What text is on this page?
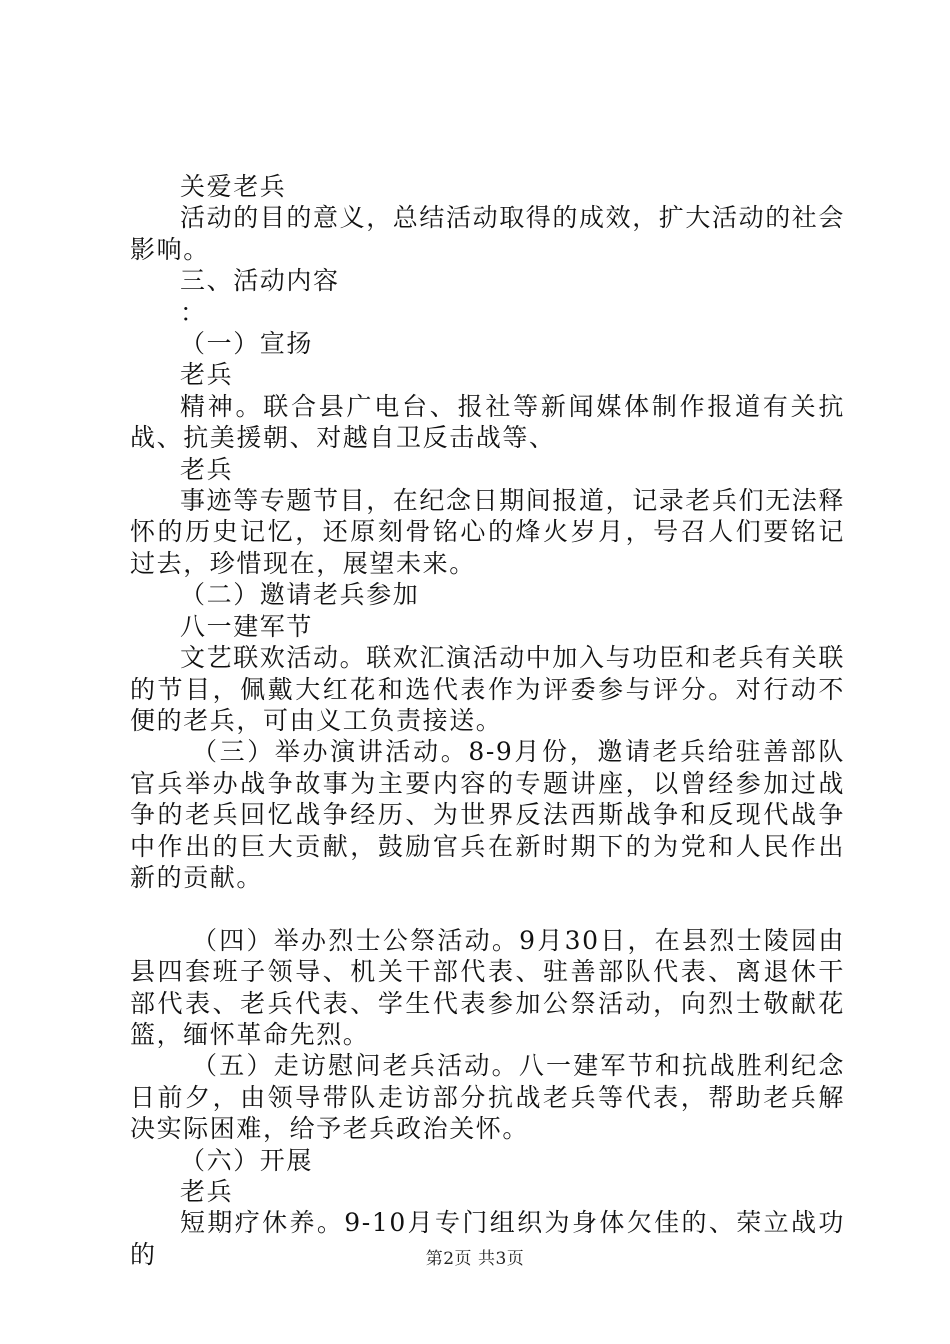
关爱老兵

活动的目的意义，总结活动取得的成效，扩大活动的社会影响。

三、活动内容

：

（一）宣扬

老兵

精神。联合县广电台、报社等新闻媒体制作报道有关抗战、抗美援朝、对越自卫反击战等、

老兵

事迹等专题节目，在纪念日期间报道，记录老兵们无法释怀的历史记忆，还原刻骨铭心的烽火岁月，号召人们要铭记过去，珍惜现在，展望未来。

（二）邀请老兵参加

八一建军节

文艺联欢活动。联欢汇演活动中加入与功臣和老兵有关联的节目，佩戴大红花和选代表作为评委参与评分。对行动不便的老兵，可由义工负责接送。

（三）举办演讲活动。8-9月份，邀请老兵给驻善部队官兵举办战争故事为主要内容的专题讲座，以曾经参加过战争的老兵回忆战争经历、为世界反法西斯战争和反现代战争中作出的巨大贡献，鼓励官兵在新时期下的为党和人民作出新的贡献。

（四）举办烈士公祭活动。9月30日，在县烈士陵园由县四套班子领导、机关干部代表、驻善部队代表、离退休干部代表、老兵代表、学生代表参加公祭活动，向烈士敬献花篮，缅怀革命先烈。

（五）走访慰问老兵活动。八一建军节和抗战胜利纪念日前夕，由领导带队走访部分抗战老兵等代表，帮助老兵解决实际困难，给予老兵政治关怀。

（六）开展

老兵

短期疗休养。9-10月专门组织为身体欠佳的、荣立战功的	第2页 共3页
